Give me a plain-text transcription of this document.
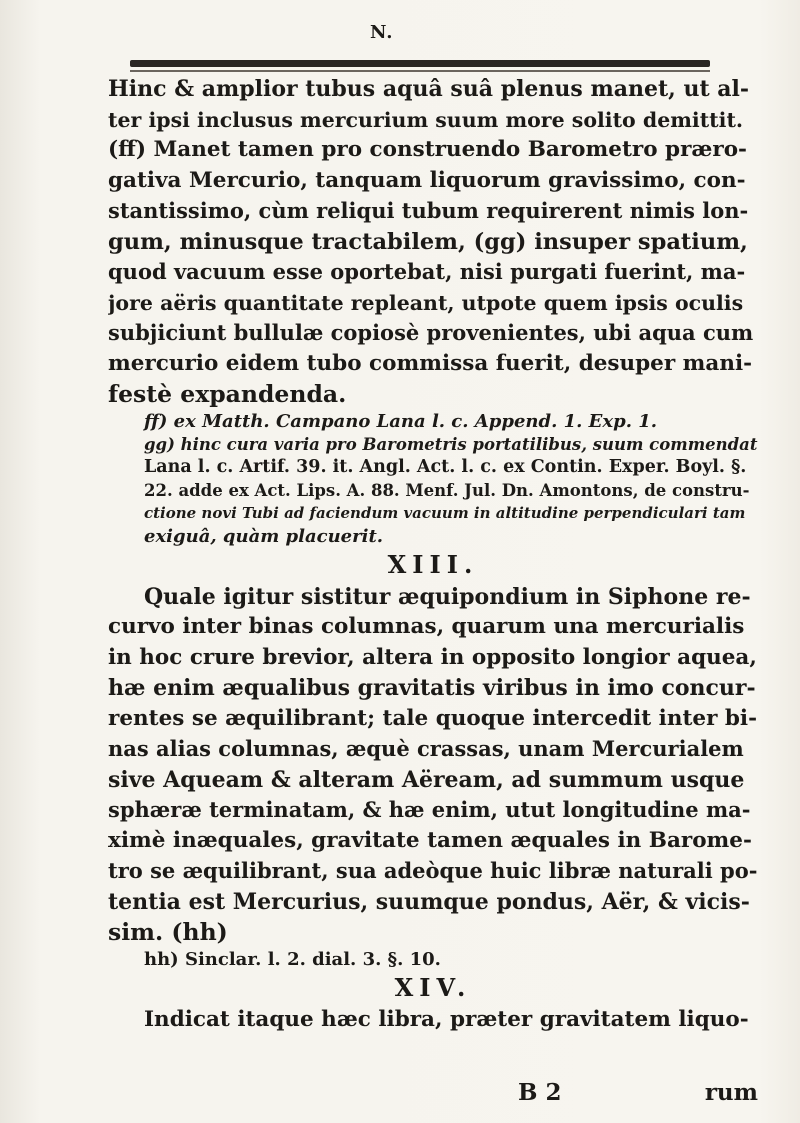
N.
Hinc & amplior tubus aquâ suâ plenus manet, ut al-
ter ipsi inclusus mercurium suum more solito demittit.
(ff) Manet tamen pro construendo Barometro prærо-
gativa Mercurio, tanquam liquorum gravissimo, con-
stantissimo, cùm reliqui tubum requirerent nimis lon-
gum, minusque tractabilem, (gg) insuper spatium,
quod vacuum esse oportebat, nisi purgati fuerint, ma-
jore aëris quantitate repleant, utpote quem ipsis oculis
subjiciunt bullulæ copiosè provenientes, ubi aqua cum
mercurio eidem tubo commissa fuerit, desuper mani-
festè expandenda.
ff) ex Matth. Campano Lana l. c. Append. 1. Exp. 1.
gg) hinc cura varia pro Barometris portatilibus, suum commendat
Lana l. c. Artif. 39. it. Angl. Act. l. c. ex Contin. Exper. Boyl. §.
22. adde ex Act. Lips. A. 88. Menf. Jul. Dn. Amontons, de constru-
ctione novi Tubi ad faciendum vacuum in altitudine perpendiculari tam
exiguâ, quàm placuerit.
XIII.
Quale igitur sistitur æquipondium in Siphone re-
curvo inter binas columnas, quarum una mercurialis
in hoc crure brevior, altera in opposito longior aquea,
hæ enim æqualibus gravitatis viribus in imo concur-
rentes se æquilibrant; tale quoque intercedit inter bi-
nas alias columnas, æquè crassas, unam Mercurialem
sive Aqueam & alteram Aëream, ad summum usque
sphæræ terminatam, & hæ enim, utut longitudine ma-
ximè inæquales, gravitate tamen æquales in Barome-
tro se æquilibrant, sua adeòque huic libræ naturali po-
tentia est Mercurius, suumque pondus, Aër, & vicis-
sim. (hh)
hh) Sinclar. l. 2. dial. 3. §. 10.
XIV.
Indicat itaque hæc libra, præter gravitatem liquo-
B 2	rum
